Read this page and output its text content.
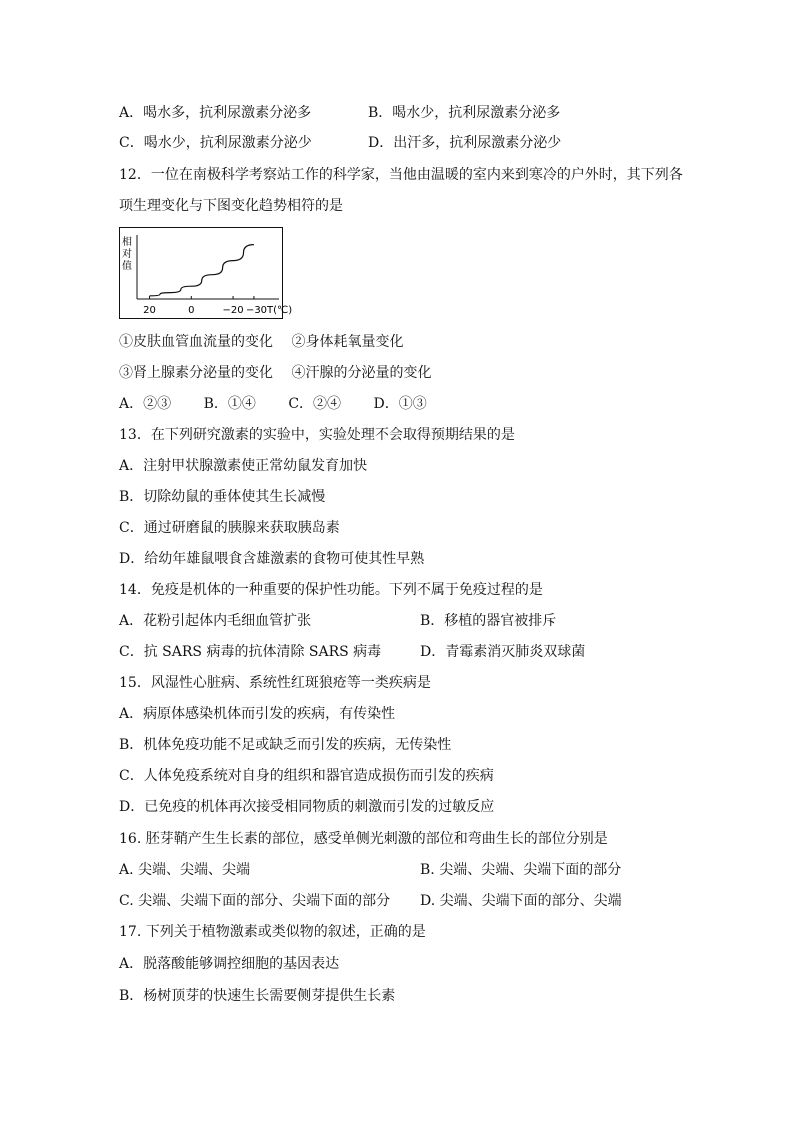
A．喝水多，抗利尿激素分泌多	B．喝水少，抗利尿激素分泌多
C．喝水少，抗利尿激素分泌少	D．出汗多，抗利尿激素分泌少
12．一位在南极科学考察站工作的科学家，当他由温暖的室内来到寒冷的户外时，其下列各
项生理变化与下图变化趋势相符的是
相
对
值
20	0	−20 −30T(℃)
①皮肤血管血流量的变化　 ②身体耗氧量变化
③肾上腺素分泌量的变化　 ④汗腺的分泌量的变化
A．②③ B．①④ C．②④ D．①③
13．在下列研究激素的实验中，实验处理不会取得预期结果的是
A．注射甲状腺激素使正常幼鼠发育加快
B．切除幼鼠的垂体使其生长减慢
C．通过研磨鼠的胰腺来获取胰岛素
D．给幼年雄鼠喂食含雄激素的食物可使其性早熟
14．免疫是机体的一种重要的保护性功能。下列不属于免疫过程的是
A．花粉引起体内毛细血管扩张	B．移植的器官被排斥
C．抗 SARS 病毒的抗体清除 SARS 病毒	D．青霉素消灭肺炎双球菌
15．风湿性心脏病、系统性红斑狼疮等一类疾病是
A．病原体感染机体而引发的疾病，有传染性
B．机体免疫功能不足或缺乏而引发的疾病，无传染性
C．人体免疫系统对自身的组织和器官造成损伤而引发的疾病
D．已免疫的机体再次接受相同物质的刺激而引发的过敏反应
16. 胚芽鞘产生生长素的部位，感受单侧光刺激的部位和弯曲生长的部位分别是
A. 尖端、尖端、尖端	B. 尖端、尖端、尖端下面的部分
C. 尖端、尖端下面的部分、尖端下面的部分 D. 尖端、尖端下面的部分、尖端
17. 下列关于植物激素或类似物的叙述，正确的是
A．脱落酸能够调控细胞的基因表达
B．杨树顶芽的快速生长需要侧芽提供生长素
